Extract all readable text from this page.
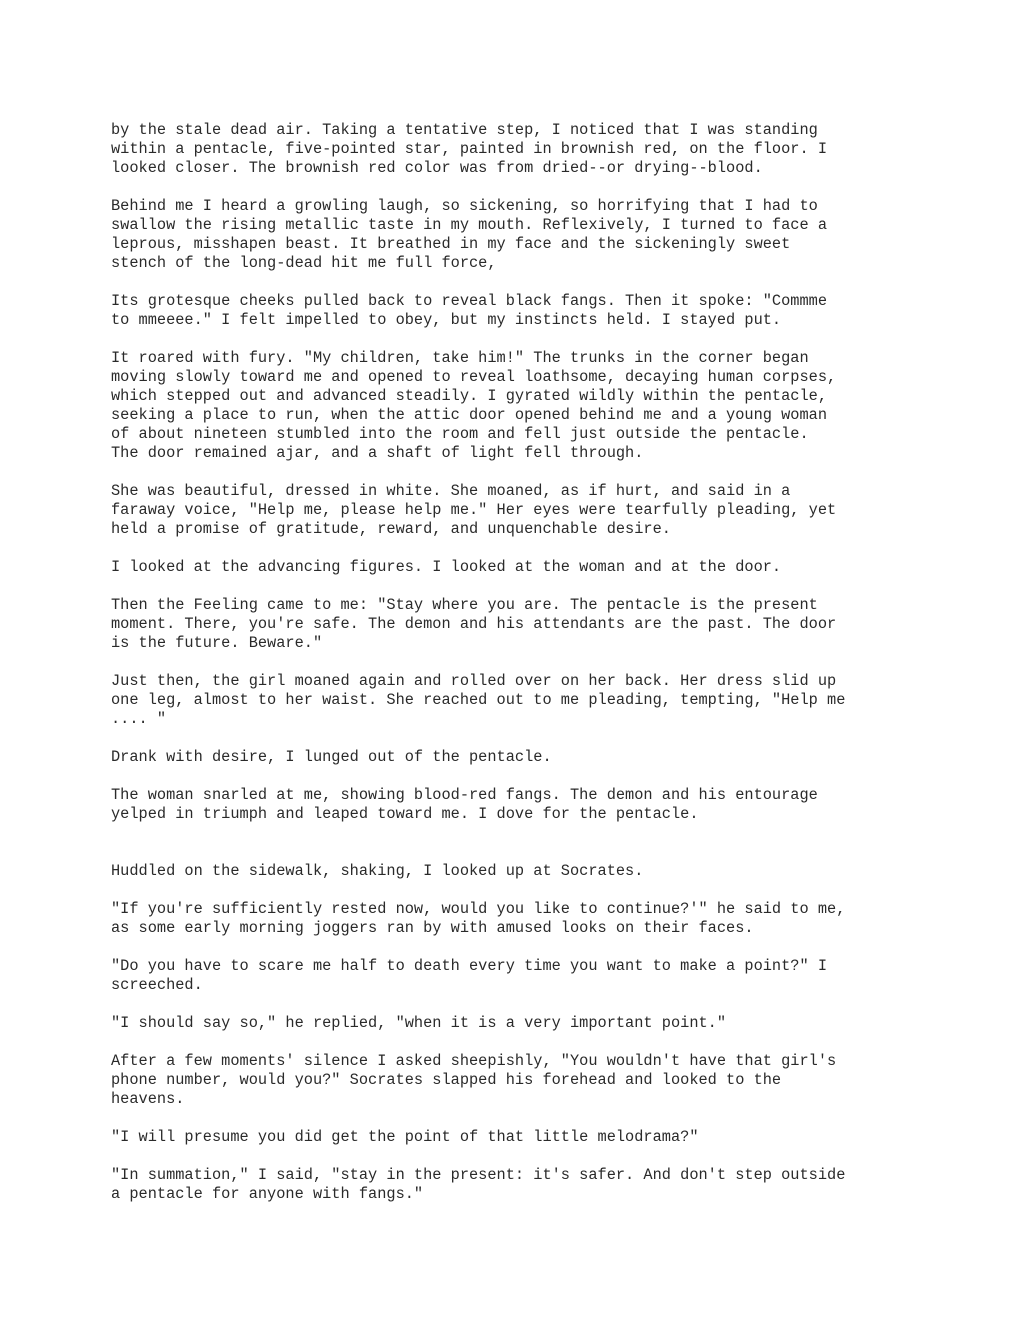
by the stale dead air. Taking a tentative step, I noticed that I was standing
within a pentacle, five-pointed star, painted in brownish red, on the floor. I
looked closer. The brownish red color was from dried--or drying--blood.

Behind me I heard a growling laugh, so sickening, so horrifying that I had to
swallow the rising metallic taste in my mouth. Reflexively, I turned to face a
leprous, misshapen beast. It breathed in my face and the sickeningly sweet
stench of the long-dead hit me full force,

Its grotesque cheeks pulled back to reveal black fangs. Then it spoke: "Commme
to mmeeee." I felt impelled to obey, but my instincts held. I stayed put.

It roared with fury. "My children, take him!" The trunks in the corner began
moving slowly toward me and opened to reveal loathsome, decaying human corpses,
which stepped out and advanced steadily. I gyrated wildly within the pentacle,
seeking a place to run, when the attic door opened behind me and a young woman
of about nineteen stumbled into the room and fell just outside the pentacle.
The door remained ajar, and a shaft of light fell through.

She was beautiful, dressed in white. She moaned, as if hurt, and said in a
faraway voice, "Help me, please help me." Her eyes were tearfully pleading, yet
held a promise of gratitude, reward, and unquenchable desire.

I looked at the advancing figures. I looked at the woman and at the door.

Then the Feeling came to me: "Stay where you are. The pentacle is the present
moment. There, you're safe. The demon and his attendants are the past. The door
is the future. Beware."

Just then, the girl moaned again and rolled over on her back. Her dress slid up
one leg, almost to her waist. She reached out to me pleading, tempting, "Help me
.... "

Drank with desire, I lunged out of the pentacle.

The woman snarled at me, showing blood-red fangs. The demon and his entourage
yelped in triumph and leaped toward me. I dove for the pentacle.

Huddled on the sidewalk, shaking, I looked up at Socrates.

"If you're sufficiently rested now, would you like to continue?'" he said to me,
as some early morning joggers ran by with amused looks on their faces.

"Do you have to scare me half to death every time you want to make a point?" I
screeched.

"I should say so," he replied, "when it is a very important point."

After a few moments' silence I asked sheepishly, "You wouldn't have that girl's
phone number, would you?" Socrates slapped his forehead and looked to the
heavens.

"I will presume you did get the point of that little melodrama?"

"In summation," I said, "stay in the present: it's safer. And don't step outside
a pentacle for anyone with fangs."
